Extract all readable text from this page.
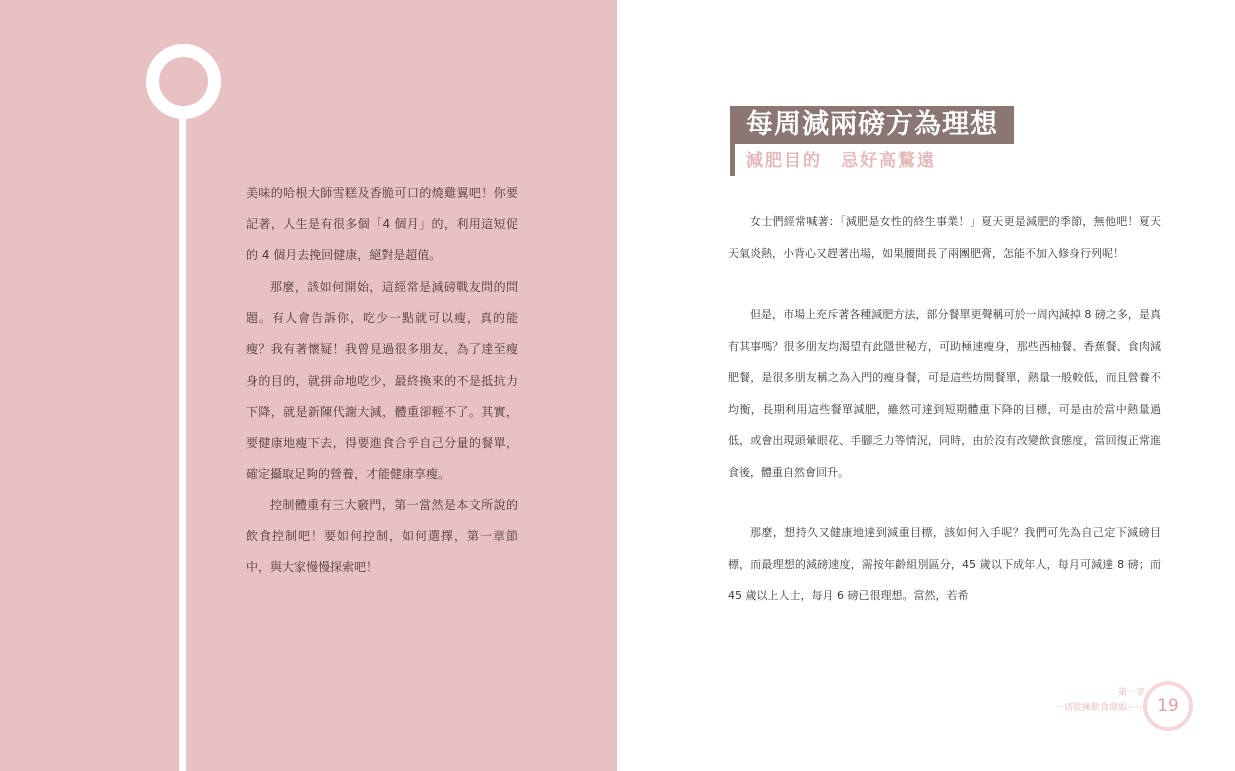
美味的哈根大師雪糕及香脆可口的燒雞翼吧！你要記著，人生是有很多個「4 個月」的，利用這短促的 4 個月去挽回健康，絕對是超值。

那麼，該如何開始，這經常是減磅戰友問的問題。有人會告訴你，吃少一點就可以瘦，真的能瘦？我有著懷疑！我曾見過很多朋友，為了達至瘦身的目的，就拼命地吃少，最終換來的不是抵抗力下降，就是新陳代謝大減，體重卻輕不了。其實，要健康地瘦下去，得要進食合乎自己分量的餐單，確定攝取足夠的營養，才能健康享瘦。

控制體重有三大竅門，第一當然是本文所說的飲食控制吧！要如何控制，如何選擇，第一章節中，與大家慢慢探索吧！

每周減兩磅方為理想
減肥目的　忌好高騖遠

女士們經常喊著：「減肥是女性的終生事業！」夏天更是減肥的季節，無他吧！夏天天氣炎熱，小背心又趕著出場，如果腰間長了兩團肥膏，怎能不加入修身行列呢！

但是，市場上充斥著各種減肥方法，部分餐單更聲稱可於一周內減掉 8 磅之多，是真有其事嗎？很多朋友均渴望有此隱世秘方，可助極速瘦身，那些西柚餐、香蕉餐、食肉減肥餐，是很多朋友稱之為入門的瘦身餐，可是這些坊間餐單，熱量一般較低，而且營養不均衡，長期利用這些餐單減肥，雖然可達到短期體重下降的目標，可是由於當中熱量過低，或會出現頭暈眼花、手腳乏力等情況，同時，由於沒有改變飲食態度，當回復正常進食後，體重自然會回升。

那麼，想持久又健康地達到減重目標，該如何入手呢？我們可先為自己定下減磅目標，而最理想的減磅速度，需按年齡組別區分，45 歲以下成年人，每月可減達 8 磅；而 45 歲以上人士，每月 6 磅已很理想。當然，若希

第一章
一切從擁飲食開始⋯⋯ 19
